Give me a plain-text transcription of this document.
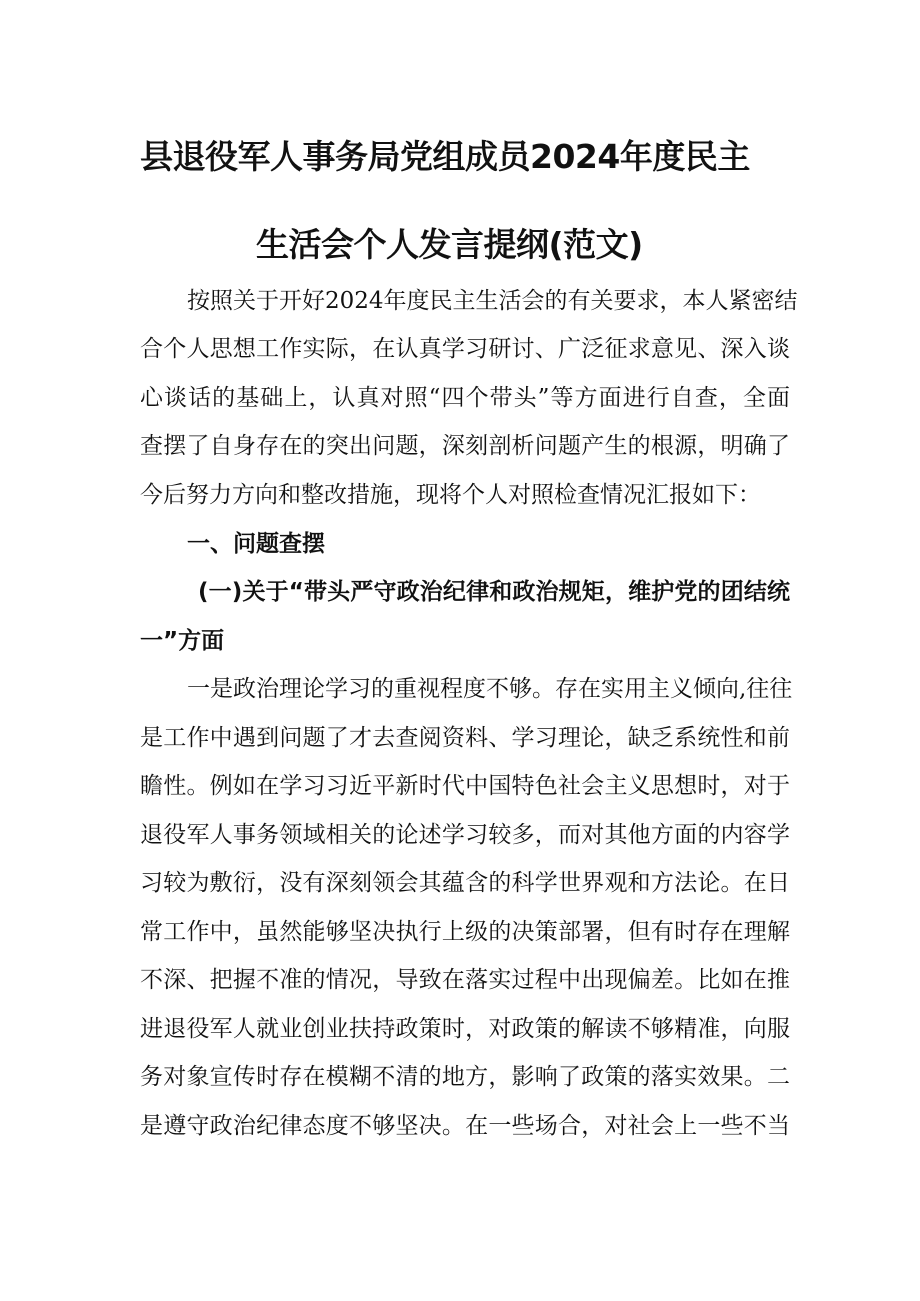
县退役军人事务局党组成员2024年度民主
生活会个人发言提纲(范文)
按照关于开好2024年度民主生活会的有关要求，本人紧密结
合个人思想工作实际，在认真学习研讨、广泛征求意见、深入谈
心谈话的基础上，认真对照“四个带头”等方面进行自查，全面
查摆了自身存在的突出问题，深刻剖析问题产生的根源，明确了
今后努力方向和整改措施，现将个人对照检查情况汇报如下：
一、问题查摆
(一)关于“带头严守政治纪律和政治规矩，维护党的团结统
一”方面
一是政治理论学习的重视程度不够。存在实用主义倾向,往往
是工作中遇到问题了才去查阅资料、学习理论，缺乏系统性和前
瞻性。例如在学习习近平新时代中国特色社会主义思想时，对于
退役军人事务领域相关的论述学习较多，而对其他方面的内容学
习较为敷衍，没有深刻领会其蕴含的科学世界观和方法论。在日
常工作中，虽然能够坚决执行上级的决策部署，但有时存在理解
不深、把握不准的情况，导致在落实过程中出现偏差。比如在推
进退役军人就业创业扶持政策时，对政策的解读不够精准，向服
务对象宣传时存在模糊不清的地方，影响了政策的落实效果。二
是遵守政治纪律态度不够坚决。在一些场合，对社会上一些不当
